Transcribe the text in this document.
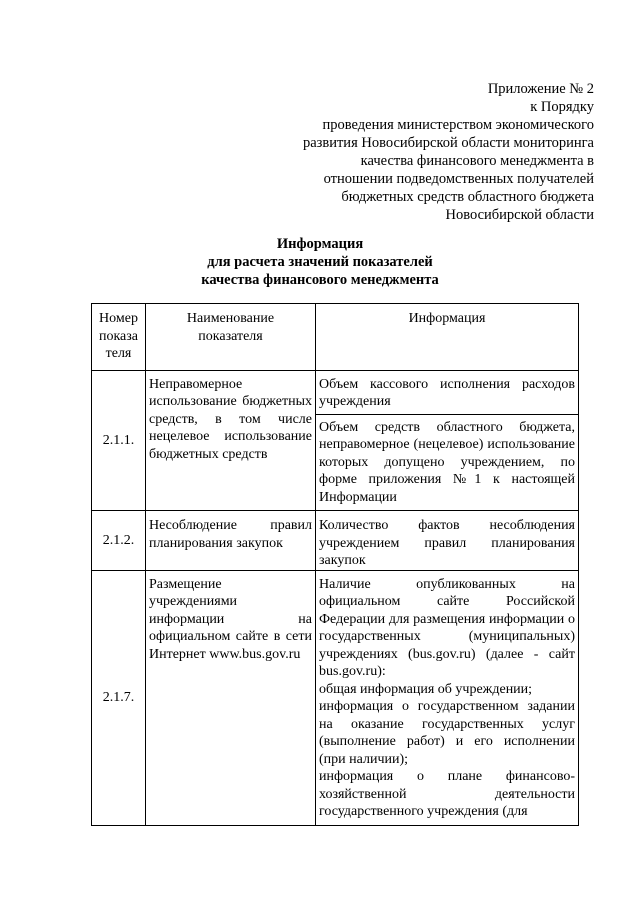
Приложение № 2
к Порядку
проведения министерством экономического
развития Новосибирской области мониторинга
качества финансового менеджмента в
отношении подведомственных получателей
бюджетных средств областного бюджета
Новосибирской области
Информация
для расчета значений показателей
качества финансового менеджмента
Номер показа теля	Наименование показателя	Информация
2.1.1.	Неправомерное использование бюджетных средств, в том числе нецелевое использование бюджетных средств	Объем кассового исполнения расходов учреждения
		Объем средств областного бюджета, неправомерное (нецелевое) использование которых допущено учреждением, по форме приложения №1 к настоящей Информации
2.1.2.	Несоблюдение правил планирования закупок	Количество фактов несоблюдения учреждением правил планирования закупок
2.1.7.	Размещение учреждениями информации на официальном сайте в сети Интернет www.bus.gov.ru	Наличие опубликованных на официальном сайте Российской Федерации для размещения информации о государственных (муниципальных) учреждениях (bus.gov.ru) (далее - сайт bus.gov.ru):
общая информация об учреждении;
информация о государственном задании на оказание государственных услуг (выполнение работ) и его исполнении (при наличии);
информация о плане финансово-хозяйственной деятельности государственного учреждения (для
